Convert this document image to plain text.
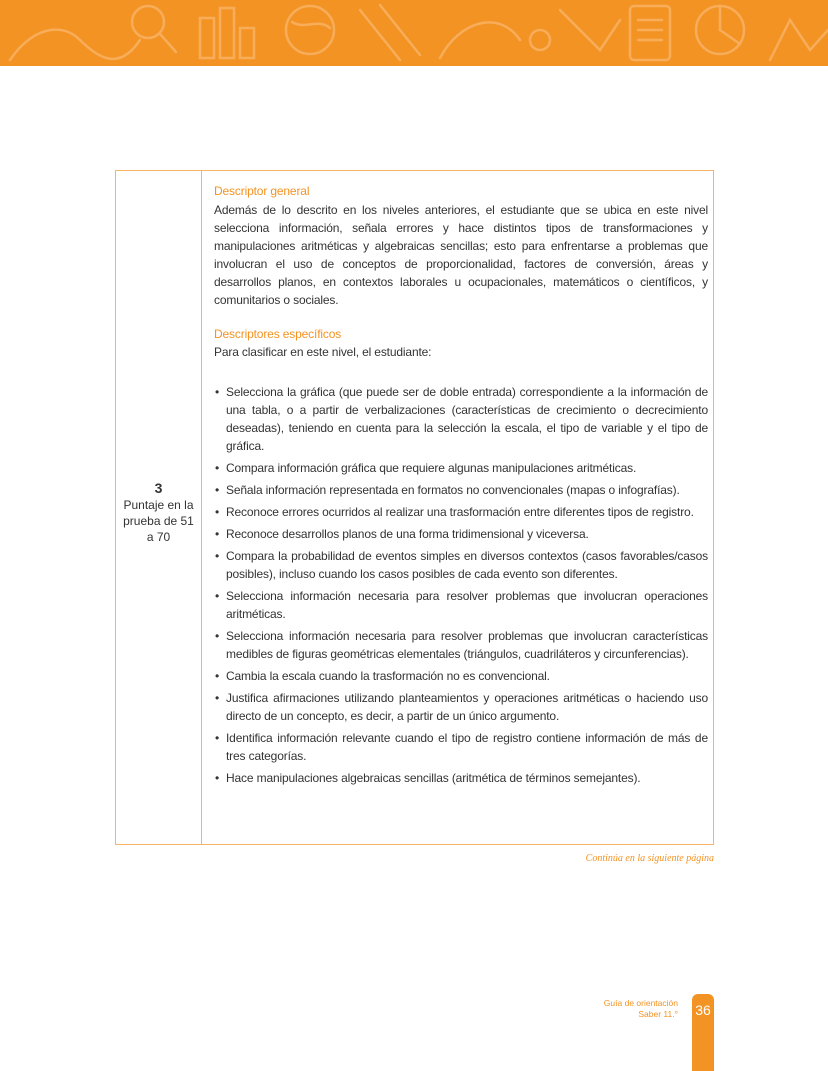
3
Puntaje en la prueba de 51 a 70

Descriptor general

Además de lo descrito en los niveles anteriores, el estudiante que se ubica en este nivel selecciona información, señala errores y hace distintos tipos de transformaciones y manipulaciones aritméticas y algebraicas sencillas; esto para enfrentarse a problemas que involucran el uso de conceptos de proporcionalidad, factores de conversión, áreas y desarrollos planos, en contextos laborales u ocupacionales, matemáticos o científicos, y comunitarios o sociales.

Descriptores específicos

Para clasificar en este nivel, el estudiante:

• Selecciona la gráfica (que puede ser de doble entrada) correspondiente a la información de una tabla, o a partir de verbalizaciones (características de crecimiento o decrecimiento deseadas), teniendo en cuenta para la selección la escala, el tipo de variable y el tipo de gráfica.
• Compara información gráfica que requiere algunas manipulaciones aritméticas.
• Señala información representada en formatos no convencionales (mapas o infografías).
• Reconoce errores ocurridos al realizar una trasformación entre diferentes tipos de registro.
• Reconoce desarrollos planos de una forma tridimensional y viceversa.
• Compara la probabilidad de eventos simples en diversos contextos (casos favorables/casos posibles), incluso cuando los casos posibles de cada evento son diferentes.
• Selecciona información necesaria para resolver problemas que involucran operaciones aritméticas.
• Selecciona información necesaria para resolver problemas que involucran características medibles de figuras geométricas elementales (triángulos, cuadriláteros y circunferencias).
• Cambia la escala cuando la trasformación no es convencional.
• Justifica afirmaciones utilizando planteamientos y operaciones aritméticas o haciendo uso directo de un concepto, es decir, a partir de un único argumento.
• Identifica información relevante cuando el tipo de registro contiene información de más de tres categorías.
• Hace manipulaciones algebraicas sencillas (aritmética de términos semejantes).
Continúa en la siguiente página
Guía de orientación
Saber 11.° 36
